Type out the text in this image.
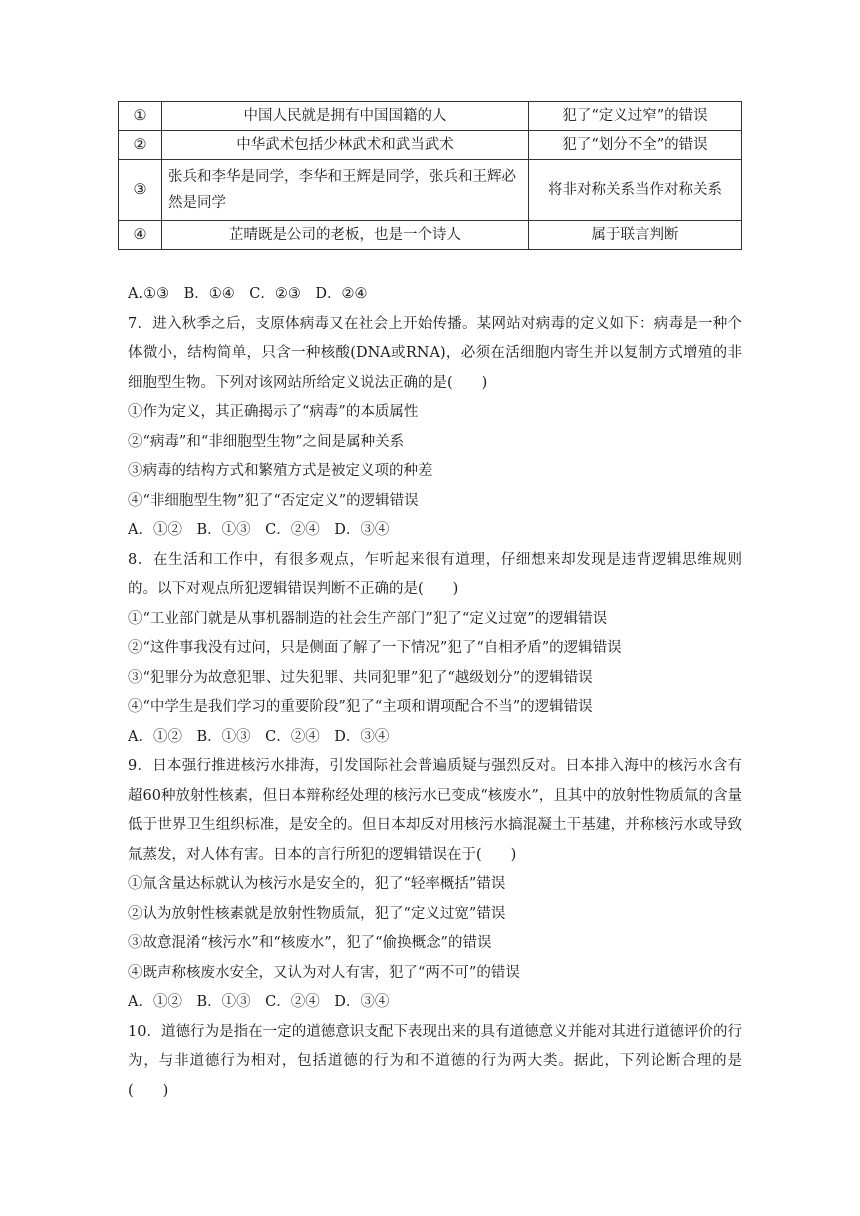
①	中国人民就是拥有中国国籍的人	犯了“定义过窄”的错误
②	中华武术包括少林武术和武当武术	犯了“划分不全”的错误
③	张兵和李华是同学，李华和王辉是同学，张兵和王辉必然是同学	将非对称关系当作对称关系
④	芷晴既是公司的老板，也是一个诗人	属于联言判断
A.①③　B．①④　C．②③　D．②④
7．进入秋季之后，支原体病毒又在社会上开始传播。某网站对病毒的定义如下：病毒是一种个体微小，结构简单，只含一种核酸(DNA或RNA)，必须在活细胞内寄生并以复制方式增殖的非细胞型生物。下列对该网站所给定义说法正确的是(　　)
①作为定义，其正确揭示了“病毒”的本质属性
②“病毒”和“非细胞型生物”之间是属种关系
③病毒的结构方式和繁殖方式是被定义项的种差
④“非细胞型生物”犯了“否定定义”的逻辑错误
A．①②　B．①③　C．②④　D．③④
8．在生活和工作中，有很多观点，乍听起来很有道理，仔细想来却发现是违背逻辑思维规则的。以下对观点所犯逻辑错误判断不正确的是(　　)
①“工业部门就是从事机器制造的社会生产部门”犯了“定义过宽”的逻辑错误
②“这件事我没有过问，只是侧面了解了一下情况”犯了“自相矛盾”的逻辑错误
③“犯罪分为故意犯罪、过失犯罪、共同犯罪”犯了“越级划分”的逻辑错误
④“中学生是我们学习的重要阶段”犯了“主项和谓项配合不当”的逻辑错误
A．①②　B．①③　C．②④　D．③④
9．日本强行推进核污水排海，引发国际社会普遍质疑与强烈反对。日本排入海中的核污水含有超60种放射性核素，但日本辩称经处理的核污水已变成“核废水”，且其中的放射性物质氚的含量低于世界卫生组织标准，是安全的。但日本却反对用核污水搞混凝土干基建，并称核污水或导致氚蒸发，对人体有害。日本的言行所犯的逻辑错误在于(　　)
①氚含量达标就认为核污水是安全的，犯了“轻率概括”错误
②认为放射性核素就是放射性物质氚，犯了“定义过宽”错误
③故意混淆“核污水”和“核废水”，犯了“偷换概念”的错误
④既声称核废水安全，又认为对人有害，犯了“两不可”的错误
A．①②　B．①③　C．②④　D．③④
10．道德行为是指在一定的道德意识支配下表现出来的具有道德意义并能对其进行道德评价的行为，与非道德行为相对，包括道德的行为和不道德的行为两大类。据此，下列论断合理的是(　　)
